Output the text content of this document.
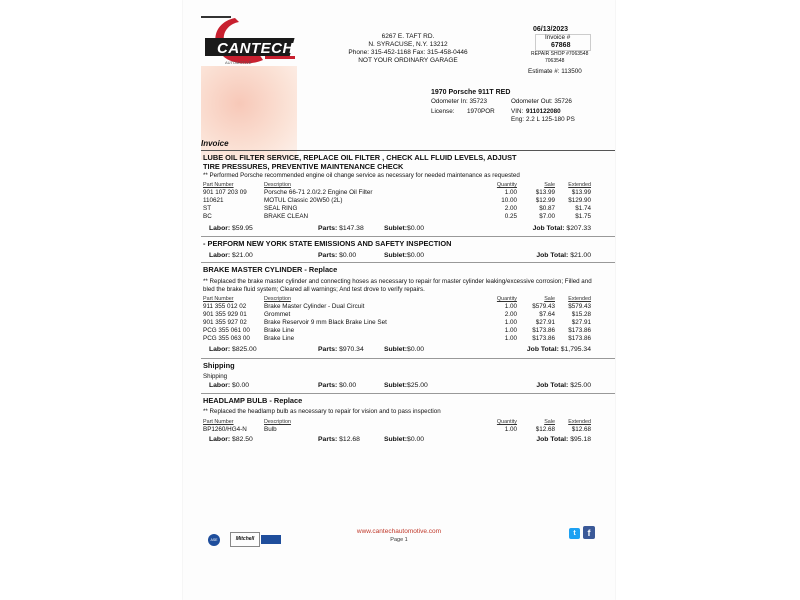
AUTOMOTIVE
CANTECH
6267 E. TAFT RD.
N. SYRACUSE, N.Y. 13212
Phone: 315-452-1168 Fax: 315-458-0446
NOT YOUR ORDINARY GARAGE
06/13/2023
Invoice #
67868
REPAIR SHOP #7063548
7063548
Estimate #: 113500
1970 Porsche 911T RED
Odometer In: 35723	Odometer Out: 35726
License: 1970POR	VIN: 9110122080
Eng: 2.2 L 125-180 PS
Invoice
LUBE OIL FILTER SERVICE, REPLACE OIL FILTER , CHECK ALL FLUID LEVELS, ADJUST TIRE PRESSURES, PREVENTIVE MAINTENANCE CHECK
** Performed Porsche recommended engine oil change service as necessary for needed maintenance as requested
Part Number	Description	Quantity	Sale	Extended
901 107 203 09	Porsche 66-71 2.0/2.2 Engine Oil Filter	1.00	$13.99	$13.99
110621	MOTUL Classic 20W50 (2L)	10.00	$12.99	$129.90
ST	SEAL RING	2.00	$0.87	$1.74
BC	BRAKE CLEAN	0.25	$7.00	$1.75
Labor: $59.95	Parts: $147.38	Sublet:$0.00	Job Total: $207.33
- PERFORM NEW YORK STATE EMISSIONS AND SAFETY INSPECTION
Labor: $21.00	Parts: $0.00	Sublet:$0.00	Job Total: $21.00
BRAKE MASTER CYLINDER - Replace
** Replaced the brake master cylinder and connecting hoses as necessary to repair for master cylinder leaking/excessive corrosion; Filled and bled the brake fluid system; Cleared all warnings; And test drove to verify repairs.
Part Number	Description	Quantity	Sale	Extended
911 355 012 02	Brake Master Cylinder - Dual Circuit	1.00	$579.43	$579.43
901 355 929 01	Grommet	2.00	$7.64	$15.28
901 355 927 02	Brake Reservoir 9 mm Black Brake Line Set	1.00	$27.91	$27.91
PCG 355 061 00 Brake Line	1.00	$173.86	$173.86
PCG 355 063 00 Brake Line	1.00	$173.86	$173.86
Labor: $825.00	Parts: $970.34	Sublet:$0.00	Job Total: $1,795.34
Shipping
Shipping
Labor: $0.00	Parts: $0.00	Sublet:$25.00	Job Total: $25.00
HEADLAMP BULB - Replace
** Replaced the headlamp bulb as necessary to repair for vision and to pass inspection
Part Number	Description	Quantity	Sale	Extended
BP1260/HG4-N	Bulb	1.00	$12.68	$12.68
Labor: $82.50	Parts: $12.68	Sublet:$0.00	Job Total: $95.18
ASE	Mitchell
www.cantechautomotive.com
Page 1
t	f
